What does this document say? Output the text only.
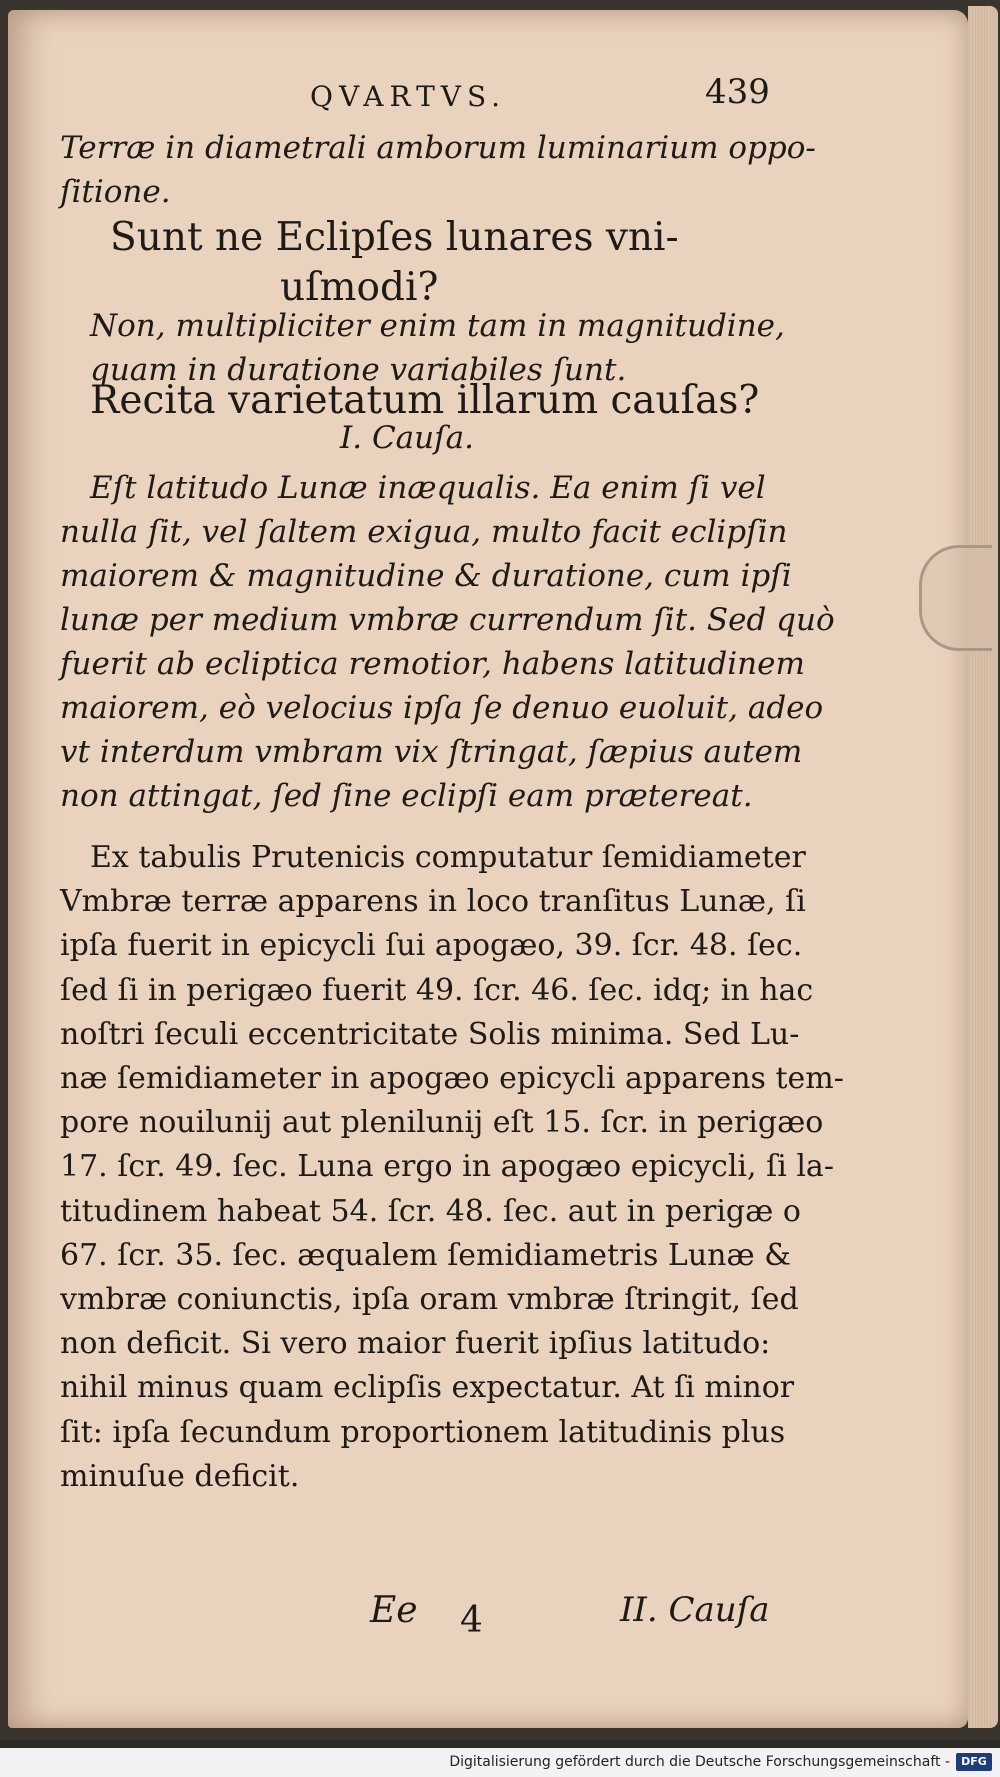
QVARTVS.	439
Terræ in diametrali amborum luminarium oppo-
ſitione.
Sunt ne Eclipſes lunares vni-
uſmodi?
Non, multipliciter enim tam in magnitudine,
quam in duratione variabiles ſunt.
Recita varietatum illarum cauſas?
I. Cauſa.
Eſt latitudo Lunæ inæqualis. Ea enim ſi vel
nulla ſit, vel ſaltem exigua, multo facit eclipſin
maiorem & magnitudine & duratione, cum ipſi
lunæ per medium vmbræ currendum ſit. Sed quò
fuerit ab ecliptica remotior, habens latitudinem
maiorem, eò velocius ipſa ſe denuo euoluit, adeo
vt interdum vmbram vix ſtringat, ſæpius autem
non attingat, ſed ſine eclipſi eam prætereat.
Ex tabulis Prutenicis computatur ſemidiameter
Vmbræ terræ apparens in loco tranſitus Lunæ, ſi
ipſa fuerit in epicycli ſui apogæo, 39. ſcr. 48. ſec.
ſed ſi in perigæo fuerit 49. ſcr. 46. ſec. idq; in hac
noſtri ſeculi eccentricitate Solis minima. Sed Lu-
næ ſemidiameter in apogæo epicycli apparens tem-
pore nouilunij aut plenilunij eſt 15. ſcr. in perigæo
17. ſcr. 49. ſec. Luna ergo in apogæo epicycli, ſi la-
titudinem habeat 54. ſcr. 48. ſec. aut in perigæ o
67. ſcr. 35. ſec. æqualem ſemidiametris Lunæ &
vmbræ coniunctis, ipſa oram vmbræ ſtringit, ſed
non deficit. Si vero maior fuerit ipſius latitudo:
nihil minus quam eclipſis expectatur. At ſi minor
ſit: ipſa ſecundum proportionem latitudinis plus
minuſue deficit.
Ee 4	II. Cauſa
Digitalisierung gefördert durch die Deutsche Forschungsgemeinschaft -	DFG
